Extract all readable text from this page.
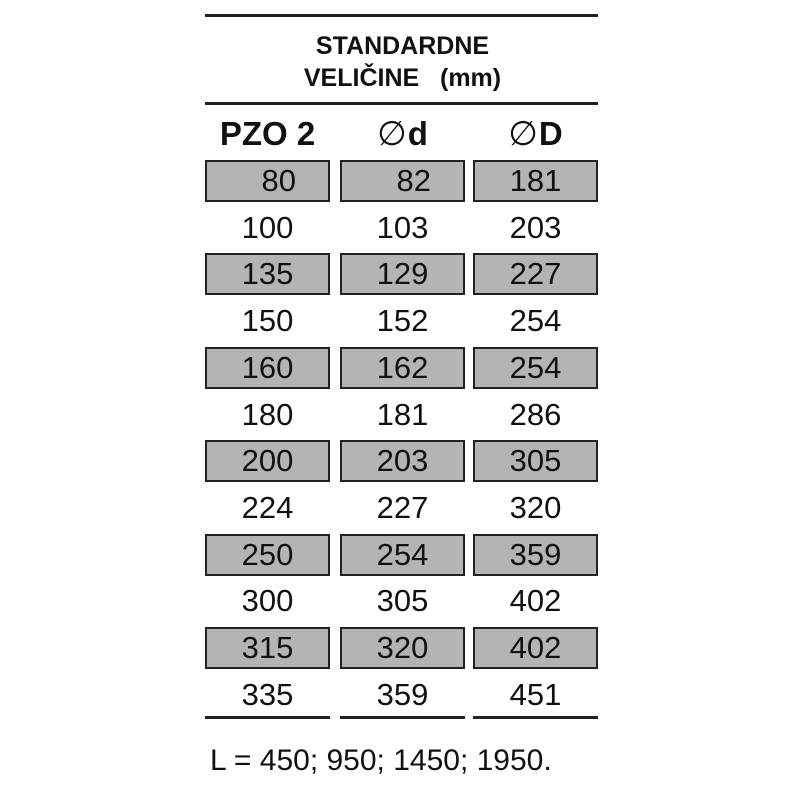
STANDARDNE
VELIČINE   (mm)
PZO 2	∅ d ∅ D
80	82	181
100	103	203
135	129	227
150	152	254
160	162	254
180	181	286
200	203	305
224	227	320
250	254	359
300	305	402
315	320	402
335	359	451
L = 450; 950; 1450; 1950.
